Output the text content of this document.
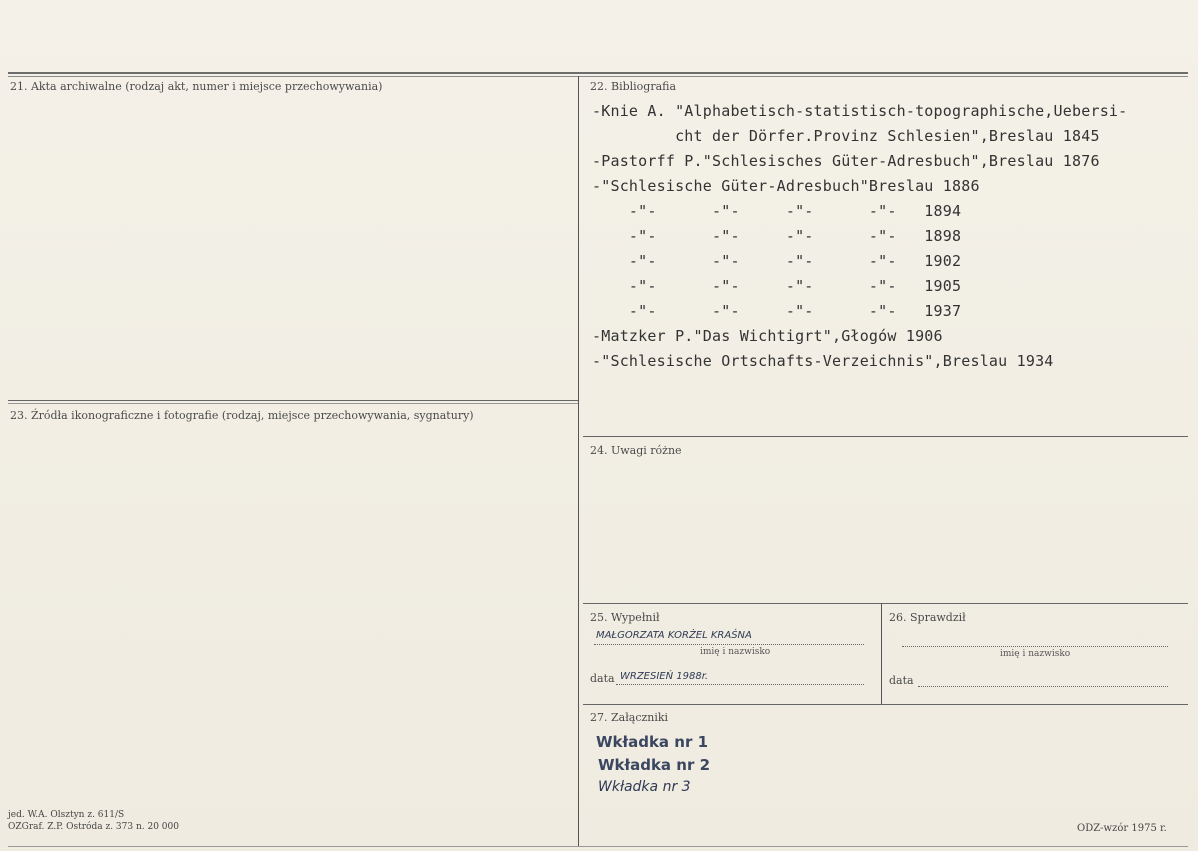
21. Akta archiwalne (rodzaj akt, numer i miejsce przechowywania)
23. Źródła ikonograficzne i fotografie (rodzaj, miejsce przechowywania, sygnatury)
22. Bibliografia
-Knie A. "Alphabetisch-statistisch-topographische,Uebersi-
cht der Dörfer.Provinz Schlesien",Breslau 1845
-Pastorff P."Schlesisches Güter-Adresbuch",Breslau 1876
-"Schlesische Güter-Adresbuch"Breslau 1886
-"-      -"-     -"-      -"-   1894
-"-      -"-     -"-      -"-   1898
-"-      -"-     -"-      -"-   1902
-"-      -"-     -"-      -"-   1905
-"-      -"-     -"-      -"-   1937
-Matzker P."Das Wichtigrt",Głogów 1906
-"Schlesische Ortschafts-Verzeichnis",Breslau 1934
24. Uwagi różne
25. Wypełnił
MAŁGORZATA KORŻEL KRAŚNA
imię i nazwisko
data WRZESIEŃ 1988r.
26. Sprawdził
imię i nazwisko
data
27. Załączniki
Wkładka nr 1
Wkładka nr 2
Wkładka nr 3
jed. W.A. Olsztyn z. 611/S
OZGraf. Z.P. Ostróda z. 373 n. 20 000	ODZ-wzór 1975 r.
